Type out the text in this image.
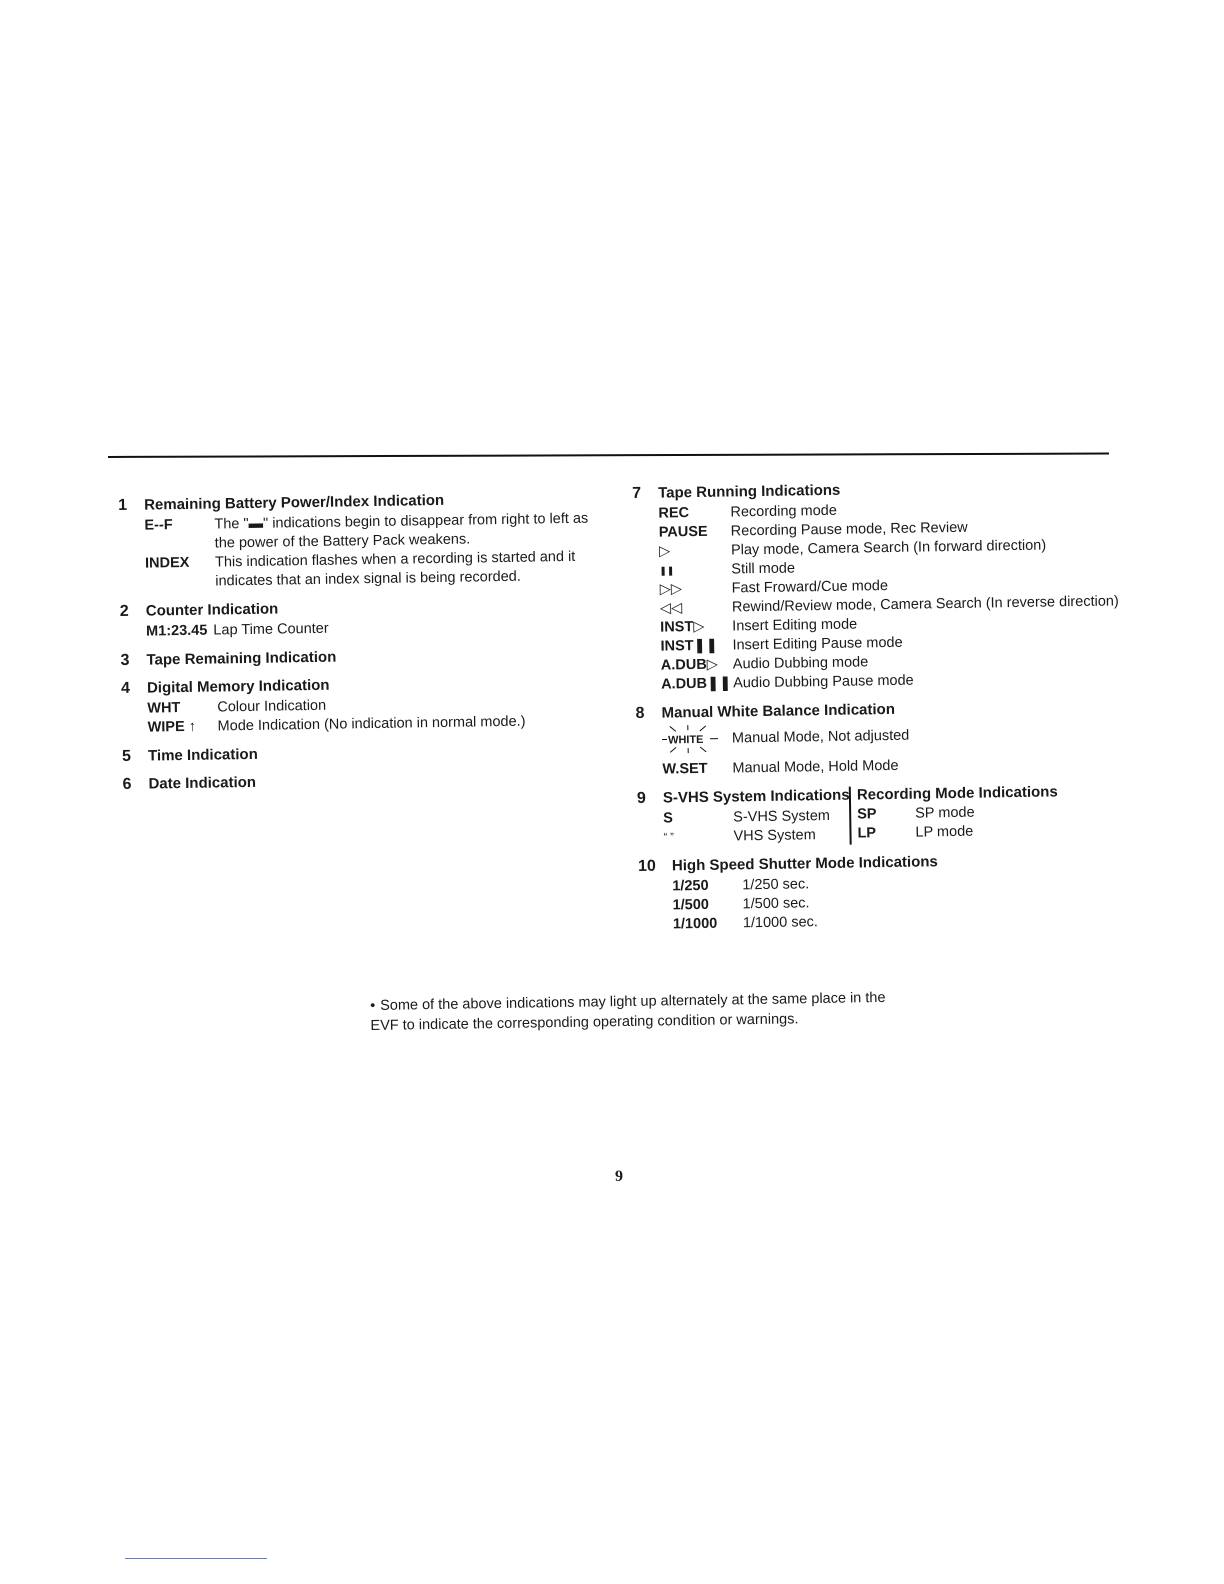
1 Remaining Battery Power/Index Indication
E--F	The "▬" indications begin to disappear from right to left as the power of the Battery Pack weakens.
INDEX	This indication flashes when a recording is started and it indicates that an index signal is being recorded.
2 Counter Indication
M1:23.45 Lap Time Counter
3 Tape Remaining Indication
4 Digital Memory Indication
WHT	Colour Indication
WIPE ↑	Mode Indication (No indication in normal mode.)
5 Time Indication
6 Date Indication
7 Tape Running Indications
REC	Recording mode
PAUSE	Recording Pause mode, Rec Review
▷	Play mode, Camera Search (In forward direction)
❚❚	Still mode
▷▷	Fast Froward/Cue mode
◁◁	Rewind/Review mode, Camera Search (In reverse direction)
INST▷	Insert Editing mode
INST❚❚ Insert Editing Pause mode
A.DUB▷	Audio Dubbing mode
A.DUB❚❚ Audio Dubbing Pause mode
8 Manual White Balance Indication
WHITE Manual Mode, Not adjusted
W.SET	Manual Mode, Hold Mode
9 S-VHS System Indications
S	S-VHS System
“ ”	VHS System
Recording Mode Indications
SP	SP mode
LP	LP mode
10 High Speed Shutter Mode Indications
1/250	1/250 sec.
1/500	1/500 sec.
1/1000	1/1000 sec.
• Some of the above indications may light up alternately at the same place in the EVF to indicate the corresponding operating condition or warnings.
9
